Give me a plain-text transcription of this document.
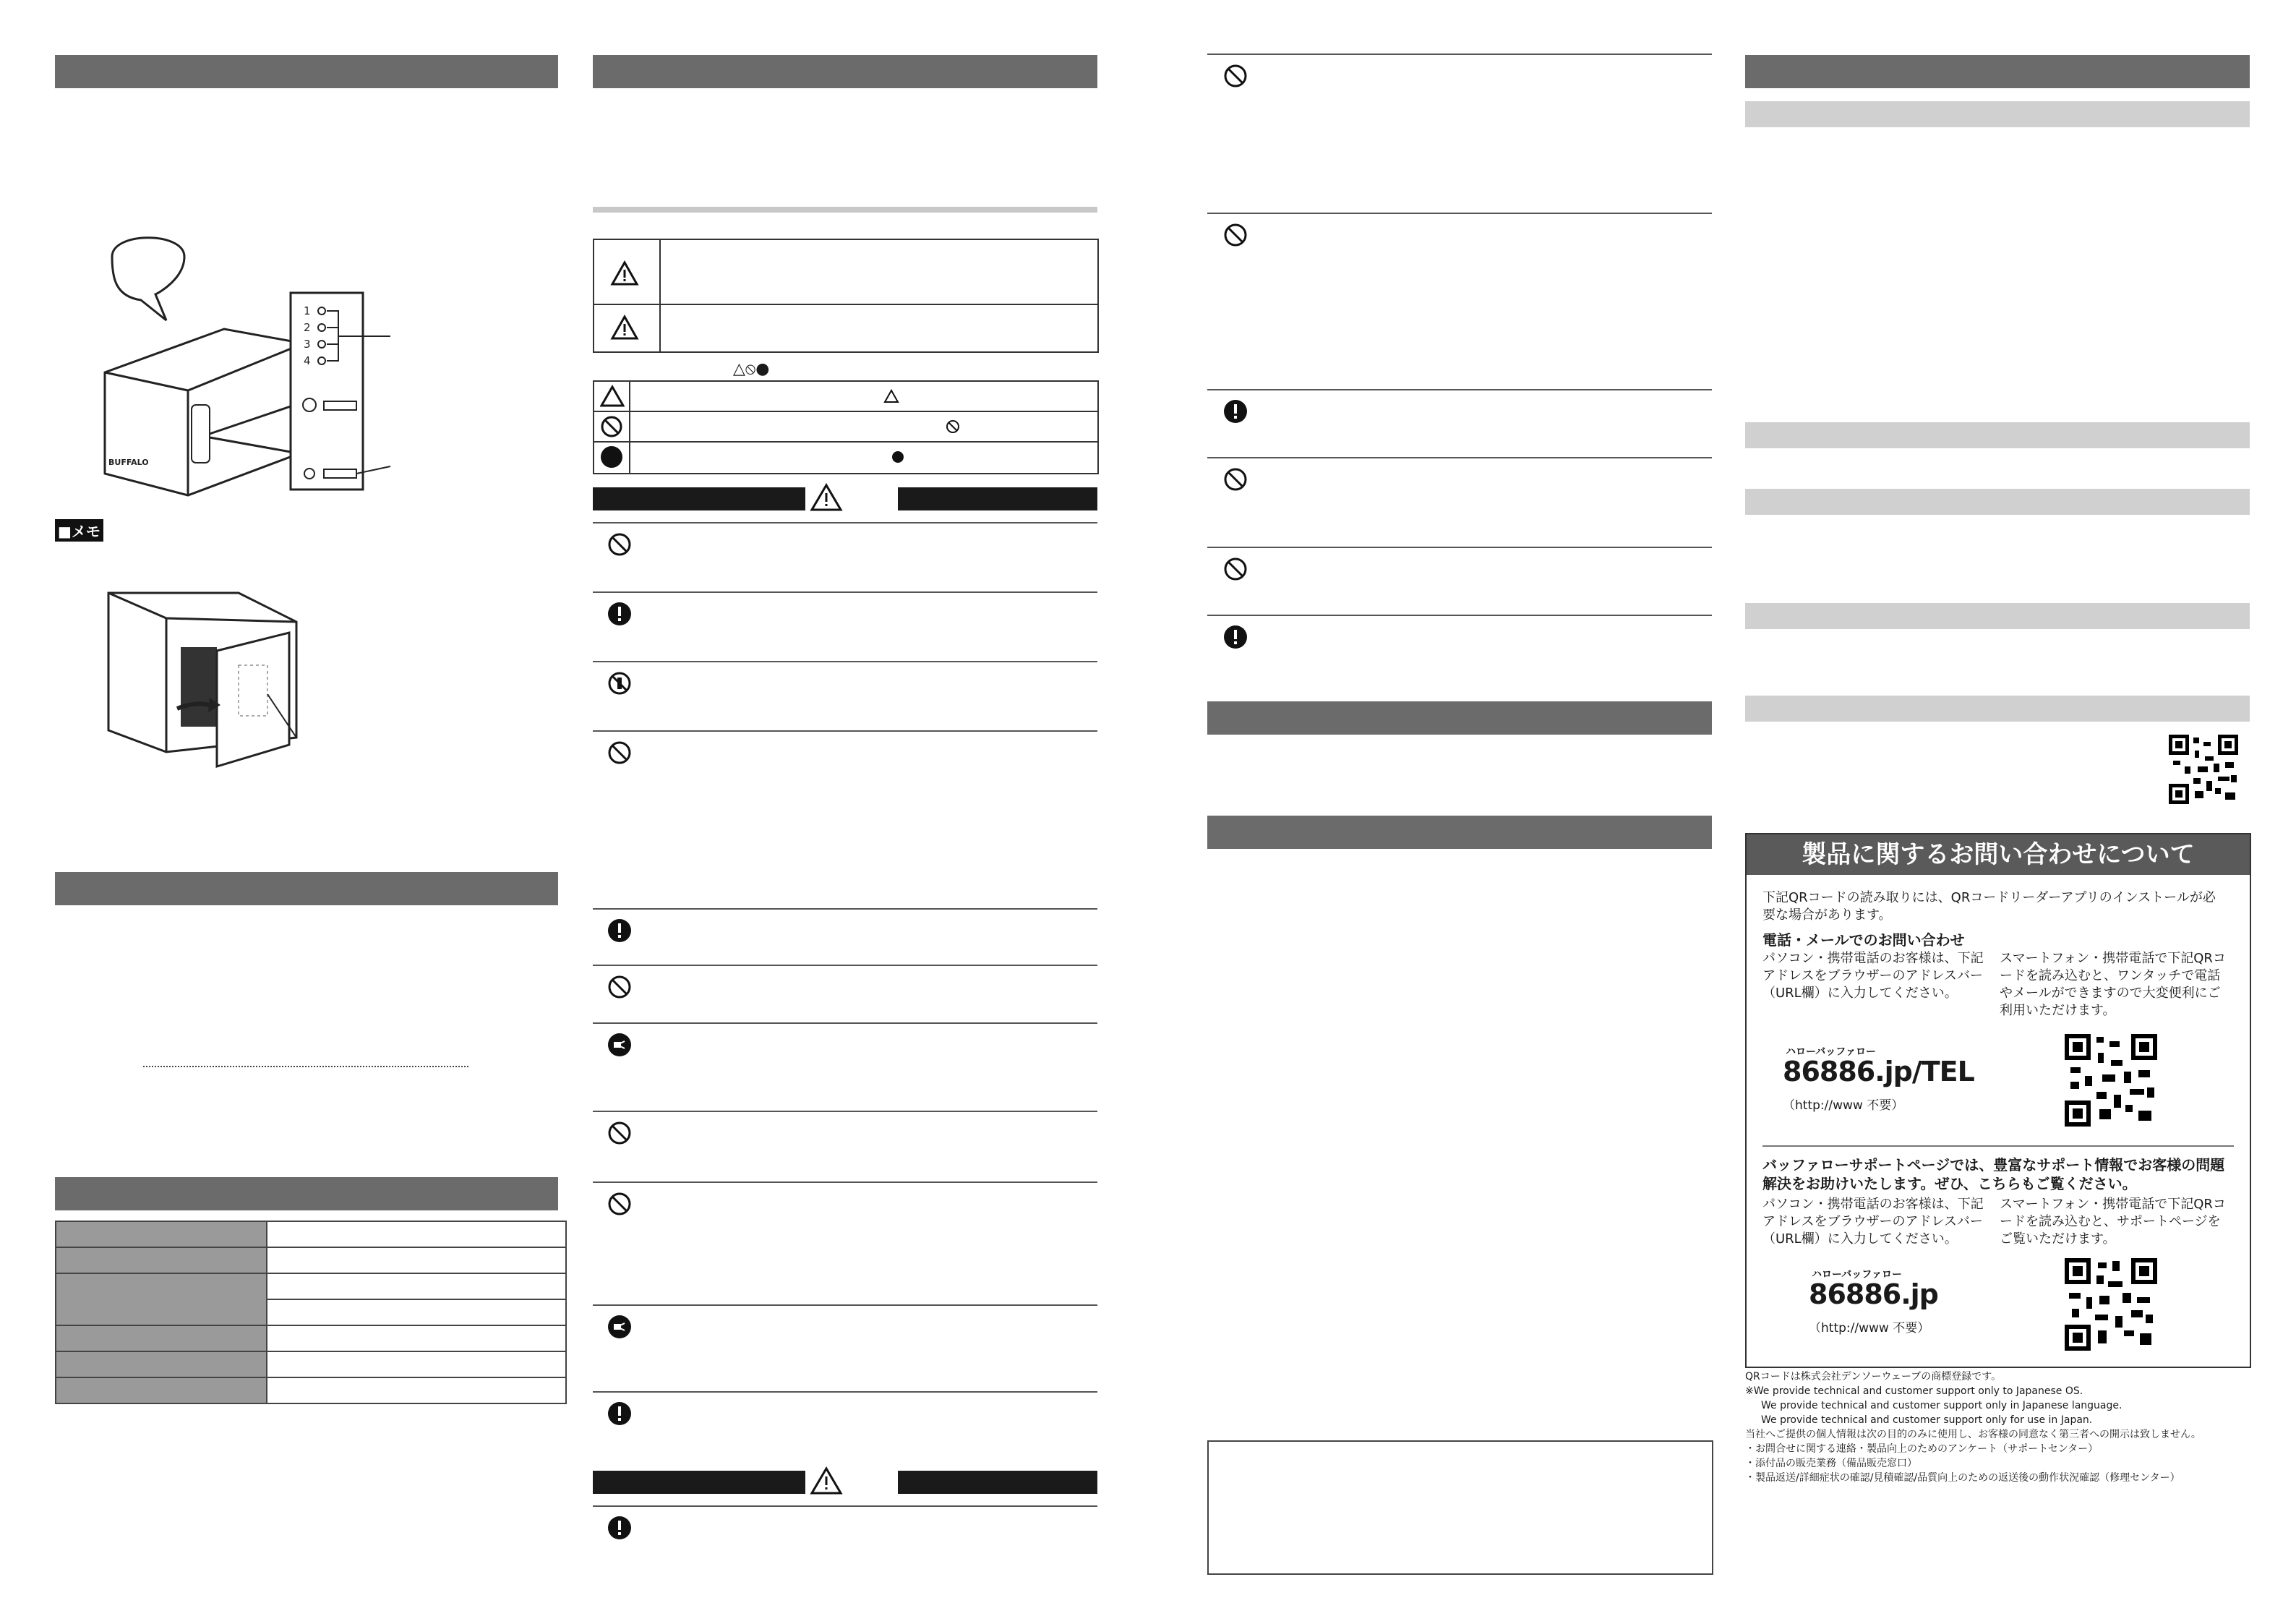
BUFFALO
1
2
3
4
■メモ

△⦸●
製品に関するお問い合わせについて
下記QRコードの読み取りには、QRコードリーダーアプリのインストールが必要な場合があります。
電話・メールでのお問い合わせ
パソコン・携帯電話のお客様は、下記アドレスをブラウザーのアドレスバー（URL欄）に入力してください。
スマートフォン・携帯電話で下記QRコードを読み込むと、ワンタッチで電話やメールができますので大変便利にご利用いただけます。
ハローバッファロー
86886.jp/TEL
（http://www 不要）
バッファローサポートページでは、豊富なサポート情報でお客様の問題解決をお助けいたします。ぜひ、こちらもご覧ください。
パソコン・携帯電話のお客様は、下記アドレスをブラウザーのアドレスバー（URL欄）に入力してください。
スマートフォン・携帯電話で下記QRコードを読み込むと、サポートページをご覧いただけます。
ハローバッファロー
86886.jp
（http://www 不要）
QRコードは株式会社デンソーウェーブの商標登録です。
※We provide technical and customer support only to Japanese OS.
We provide technical and customer support only in Japanese language.
We provide technical and customer support only for use in Japan.
当社へご提供の個人情報は次の目的のみに使用し、お客様の同意なく第三者への開示は致しません。
・お問合せに関する連絡・製品向上のためのアンケート（サポートセンター）
・添付品の販売業務（備品販売窓口）
・製品返送/詳細症状の確認/見積確認/品質向上のための返送後の動作状況確認（修理センター）
